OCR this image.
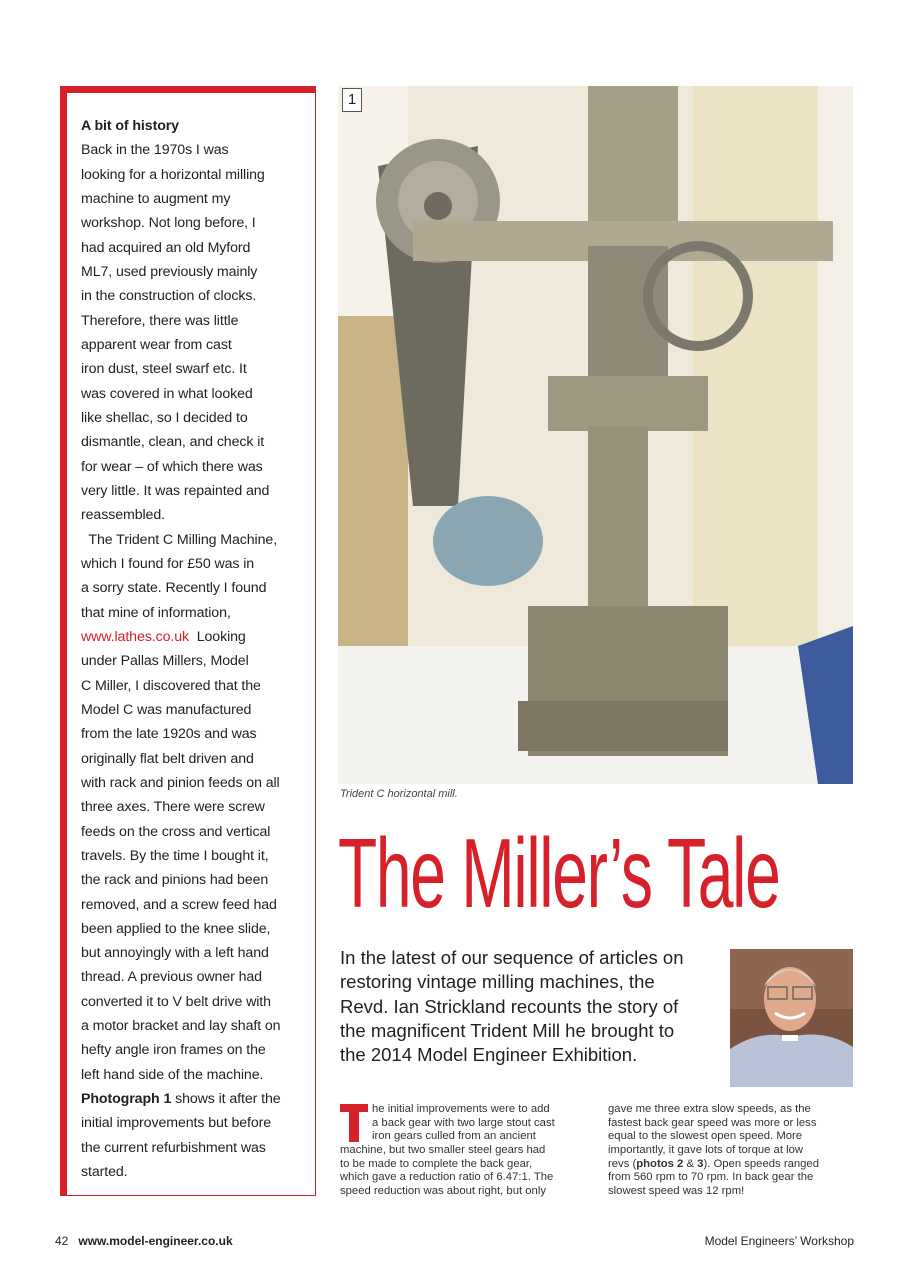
A bit of history
Back in the 1970s I was
looking for a horizontal milling
machine to augment my
workshop. Not long before, I
had acquired an old Myford
ML7, used previously mainly
in the construction of clocks.
Therefore, there was little
apparent wear from cast
iron dust, steel swarf etc. It
was covered in what looked
like shellac, so I decided to
dismantle, clean, and check it
for wear – of which there was
very little. It was repainted and
reassembled.
The Trident C Milling Machine,
which I found for £50 was in
a sorry state. Recently I found
that mine of information,
www.lathes.co.uk  Looking
under Pallas Millers, Model
C Miller, I discovered that the
Model C was manufactured
from the late 1920s and was
originally flat belt driven and
with rack and pinion feeds on all
three axes. There were screw
feeds on the cross and vertical
travels. By the time I bought it,
the rack and pinions had been
removed, and a screw feed had
been applied to the knee slide,
but annoyingly with a left hand
thread. A previous owner had
converted it to V belt drive with
a motor bracket and lay shaft on
hefty angle iron frames on the
left hand side of the machine.
Photograph 1 shows it after the
initial improvements but before
the current refurbishment was
started.
1
Trident C horizontal mill.
The Miller’s Tale
In the latest of our sequence of articles on
restoring vintage milling machines, the
Revd. Ian Strickland recounts the story of
the magnificent Trident Mill he brought to
the 2014 Model Engineer Exhibition.
he initial improvements were to add
a back gear with two large stout cast
iron gears culled from an ancient
machine, but two smaller steel gears had
to be made to complete the back gear,
which gave a reduction ratio of 6.47:1. The
speed reduction was about right, but only
gave me three extra slow speeds, as the
fastest back gear speed was more or less
equal to the slowest open speed. More
importantly, it gave lots of torque at low
revs (photos 2 & 3). Open speeds ranged
from 560 rpm to 70 rpm. In back gear the
slowest speed was 12 rpm!
42 www.model-engineer.co.uk	Model Engineers’ Workshop
